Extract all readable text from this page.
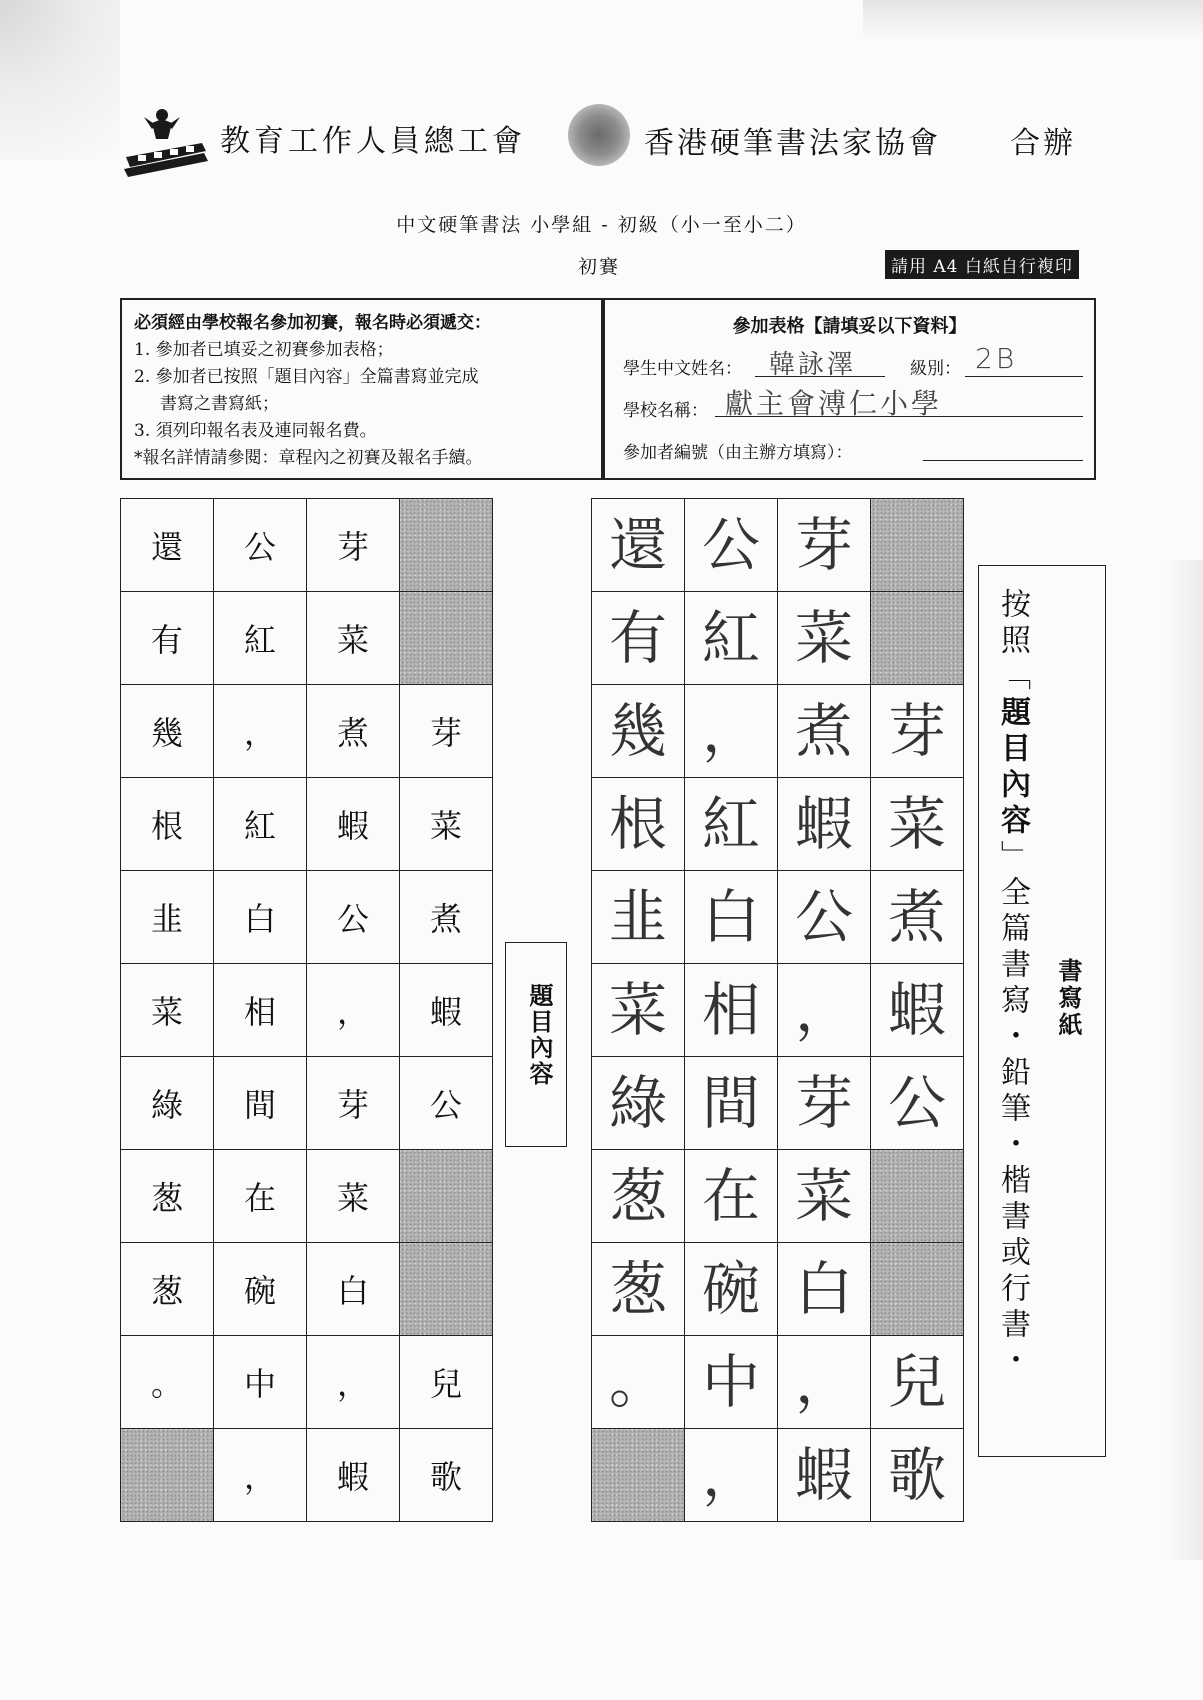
教育工作人員總工會	香港硬筆書法家協會 合辦
中文硬筆書法 小學組 - 初級（小一至小二）
初賽	請用 A4 白紙自行複印
必須經由學校報名參加初賽，報名時必須遞交：
1. 參加者已填妥之初賽參加表格；
2. 參加者已按照「題目內容」全篇書寫並完成
書寫之書寫紙；
3. 須列印報名表及連同報名費。
*報名詳情請參閱：章程內之初賽及報名手續。
參加表格【請填妥以下資料】
學生中文姓名： 韓詠澤	級別： 2B
學校名稱： 獻主會溥仁小學
參加者編號（由主辦方填寫）：
還	公	芽	
有	紅	菜	
幾	，	煮	芽
根	紅	蝦	菜
韭	白	公	煮
菜	相	，	蝦
綠	間	芽	公
葱	在	菜	
葱	碗	白	
。	中	，	兒
	，	蝦	歌
題目內容
還	公	芽	
有	紅	菜	
幾	，	煮	芽
根	紅	蝦	菜
韭	白	公	煮
菜	相	，	蝦
綠	間	芽	公
葱	在	菜	
葱	碗	白	
。	中	，	兒
	，	蝦	歌
按照「題目內容」全篇書寫・鉛筆・楷書或行書・ 書寫紙
